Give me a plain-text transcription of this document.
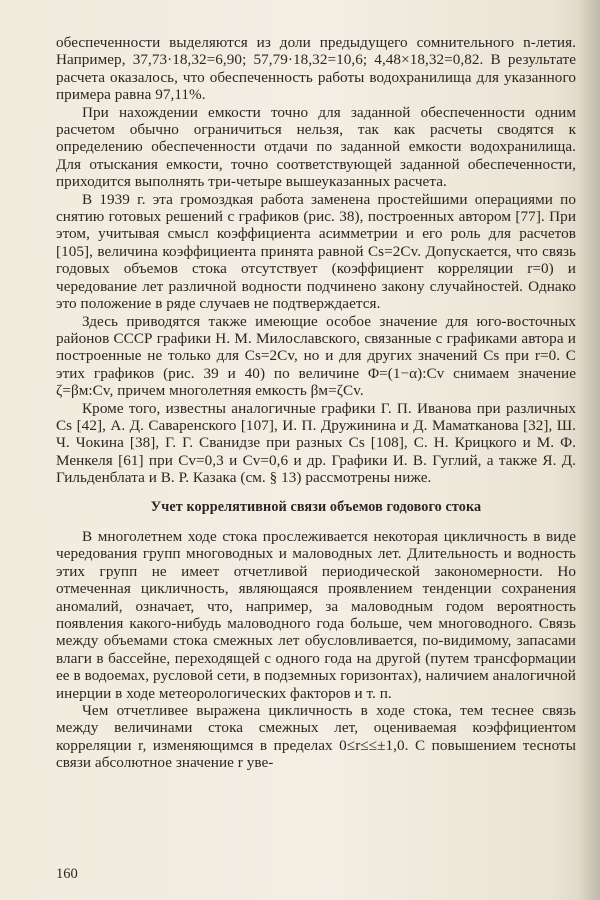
обеспеченности выделяются из доли предыдущего сомнительного n-летия. Например, 37,73·18,32=6,90; 57,79·18,32=10,6; 4,48×18,32=0,82. В результате расчета оказалось, что обеспеченность работы водохранилища для указанного примера равна 97,11%.

При нахождении емкости точно для заданной обеспеченности одним расчетом обычно ограничиться нельзя, так как расчеты сводятся к определению обеспеченности отдачи по заданной емкости водохранилища. Для отыскания емкости, точно соответствующей заданной обеспеченности, приходится выполнять три-четыре вышеуказанных расчета.

В 1939 г. эта громоздкая работа заменена простейшими операциями по снятию готовых решений с графиков (рис. 38), построенных автором [77]. При этом, учитывая смысл коэффициента асимметрии и его роль для расчетов [105], величина коэффициента принята равной Cs=2Cv. Допускается, что связь годовых объемов стока отсутствует (коэффициент корреляции r=0) и чередование лет различной водности подчинено закону случайностей. Однако это положение в ряде случаев не подтверждается.

Здесь приводятся также имеющие особое значение для юго-восточных районов СССР графики Н. М. Милославского, связанные с графиками автора и построенные не только для Cs=2Cv, но и для других значений Cs при r=0. С этих графиков (рис. 39 и 40) по величине Φ=(1−α):Cv снимаем значение ζ=βм:Cv, причем многолетняя емкость βм=ζCv.

Кроме того, известны аналогичные графики Г. П. Иванова при различных Cs [42], А. Д. Саваренского [107], И. П. Дружинина и Д. Маматканова [32], Ш. Ч. Чокина [38], Г. Г. Сванидзе при разных Cs [108], С. Н. Крицкого и М. Ф. Менкеля [61] при Cv=0,3 и Cv=0,6 и др. Графики И. В. Гуглий, а также Я. Д. Гильденблата и В. Р. Казака (см. § 13) рассмотрены ниже.

Учет коррелятивной связи объемов годового стока

В многолетнем ходе стока прослеживается некоторая цикличность в виде чередования групп многоводных и маловодных лет. Длительность и водность этих групп не имеет отчетливой периодической закономерности. Но отмеченная цикличность, являющаяся проявлением тенденции сохранения аномалий, означает, что, например, за маловодным годом вероятность появления какого-нибудь маловодного года больше, чем многоводного. Связь между объемами стока смежных лет обусловливается, по-видимому, запасами влаги в бассейне, переходящей с одного года на другой (путем трансформации ее в водоемах, русловой сети, в подземных горизонтах), наличием аналогичной инерции в ходе метеорологических факторов и т. п.

Чем отчетливее выражена цикличность в ходе стока, тем теснее связь между величинами стока смежных лет, оцениваемая коэффициентом корреляции r, изменяющимся в пределах 0≤r≤≤±1,0. С повышением тесноты связи абсолютное значение r уве-

160
